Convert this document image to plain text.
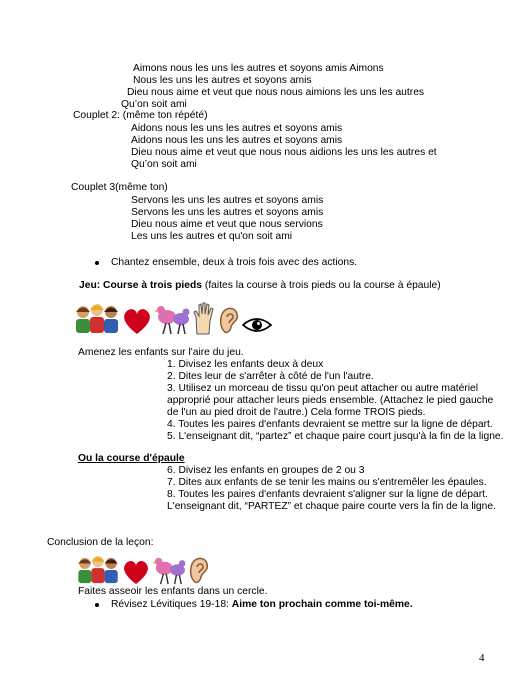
Aimons nous les uns les autres et soyons amis Aimons
Nous les uns les autres et soyons amis
Dieu nous aime et veut que nous nous aimions les uns les autres
Qu’on soit ami
Couplet 2: (même ton répété)
Aidons nous les uns les autres et soyons amis
Aidons nous les uns les autres et soyons amis
Dieu nous aime et veut que nous nous aidions les uns les autres et
Qu’on soit ami
Couplet 3(même ton)
Servons les uns les autres et soyons amis
Servons les uns les autres et soyons amis
Dieu nous aime et veut que nous servions
Les uns les autres et qu'on soit ami
Chantez ensemble, deux à trois fois avec des actions.
Jeu: Course à trois pieds (faites la course à trois pieds ou la course à épaule)
Amenez les enfants sur l'aire du jeu.
1. Divisez les enfants deux à deux
2. Dites leur de s'arrêter à côté de l'un l'autre.
3. Utilisez un morceau de tissu qu'on peut attacher ou autre matériel
approprié pour attacher leurs pieds ensemble. (Attachez le pied gauche
de l'un au pied droit de l'autre.) Cela forme TROIS pieds.
4. Toutes les paires d'enfants devraient se mettre sur la ligne de départ.
5. L'enseignant dit, “partez” et chaque paire court jusqu'à la fin de la ligne.
Ou la course d'épaule
6. Divisez les enfants en groupes de 2 ou 3
7. Dites aux enfants de se tenir les mains ou s'entremêler les épaules.
8. Toutes les paires d'enfants devraient s'aligner sur la ligne de départ.
L'enseignant dit, “PARTEZ” et chaque paire courte vers la fin de la ligne.
Conclusion de la leçon:
Faites asseoir les enfants dans un cercle.
Révisez Lévitiques 19-18: Aime ton prochain comme toi-même.
4
